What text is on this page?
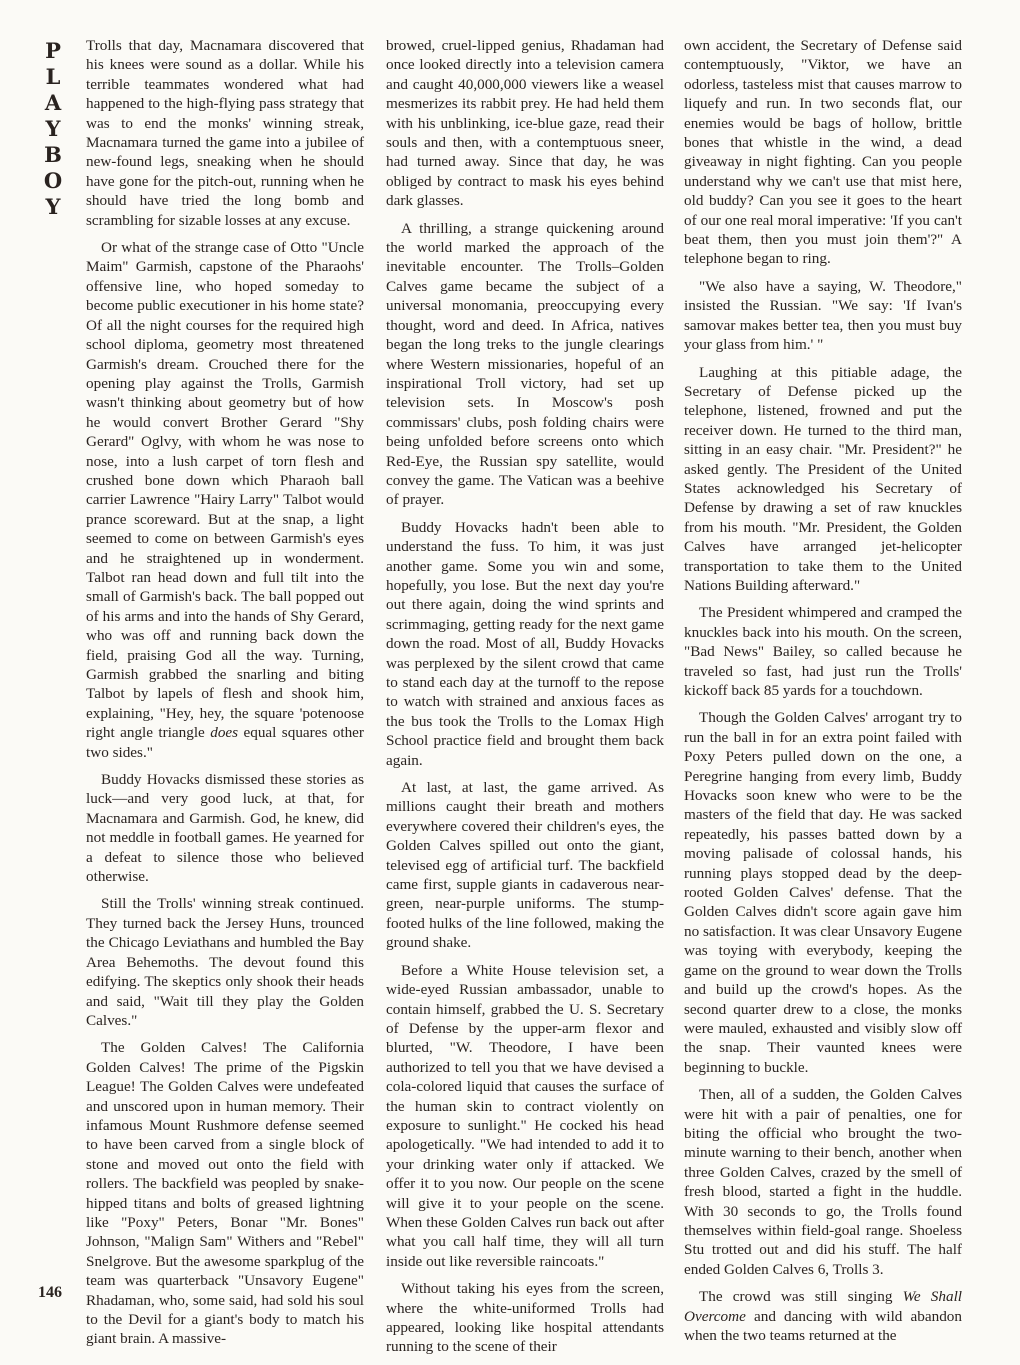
P
L
A
Y
B
O
Y

Trolls that day, Macnamara discovered that his knees were sound as a dollar. While his terrible teammates wondered what had happened to the high-flying pass strategy that was to end the monks' winning streak, Macnamara turned the game into a jubilee of new-found legs, sneaking when he should have gone for the pitch-out, running when he should have tried the long bomb and scrambling for sizable losses at any excuse.

Or what of the strange case of Otto "Uncle Maim" Garmish, capstone of the Pharaohs' offensive line, who hoped someday to become public executioner in his home state? Of all the night courses for the required high school diploma, geometry most threatened Garmish's dream. Crouched there for the opening play against the Trolls, Garmish wasn't thinking about geometry but of how he would convert Brother Gerard "Shy Gerard" Oglvy, with whom he was nose to nose, into a lush carpet of torn flesh and crushed bone down which Pharaoh ball carrier Lawrence "Hairy Larry" Talbot would prance scoreward. But at the snap, a light seemed to come on between Garmish's eyes and he straightened up in wonderment. Talbot ran head down and full tilt into the small of Garmish's back. The ball popped out of his arms and into the hands of Shy Gerard, who was off and running back down the field, praising God all the way. Turning, Garmish grabbed the snarling and biting Talbot by lapels of flesh and shook him, explaining, "Hey, hey, the square 'potenoose right angle triangle does equal squares other two sides."

Buddy Hovacks dismissed these stories as luck—and very good luck, at that, for Macnamara and Garmish. God, he knew, did not meddle in football games. He yearned for a defeat to silence those who believed otherwise.

Still the Trolls' winning streak continued. They turned back the Jersey Huns, trounced the Chicago Leviathans and humbled the Bay Area Behemoths. The devout found this edifying. The skeptics only shook their heads and said, "Wait till they play the Golden Calves."

The Golden Calves! The California Golden Calves! The prime of the Pigskin League! The Golden Calves were undefeated and unscored upon in human memory. Their infamous Mount Rushmore defense seemed to have been carved from a single block of stone and moved out onto the field with rollers. The backfield was peopled by snake-hipped titans and bolts of greased lightning like "Poxy" Peters, Bonar "Mr. Bones" Johnson, "Malign Sam" Withers and "Rebel" Snelgrove. But the awesome sparkplug of the team was quarterback "Unsavory Eugene" Rhadaman, who, some said, had sold his soul to the Devil for a giant's body to match his giant brain. A massive-

browed, cruel-lipped genius, Rhadaman had once looked directly into a television camera and caught 40,000,000 viewers like a weasel mesmerizes its rabbit prey. He had held them with his unblinking, ice-blue gaze, read their souls and then, with a contemptuous sneer, had turned away. Since that day, he was obliged by contract to mask his eyes behind dark glasses.

A thrilling, a strange quickening around the world marked the approach of the inevitable encounter. The Trolls–Golden Calves game became the subject of a universal monomania, preoccupying every thought, word and deed. In Africa, natives began the long treks to the jungle clearings where Western missionaries, hopeful of an inspirational Troll victory, had set up television sets. In Moscow's posh commissars' clubs, posh folding chairs were being unfolded before screens onto which Red-Eye, the Russian spy satellite, would convey the game. The Vatican was a beehive of prayer.

Buddy Hovacks hadn't been able to understand the fuss. To him, it was just another game. Some you win and some, hopefully, you lose. But the next day you're out there again, doing the wind sprints and scrimmaging, getting ready for the next game down the road. Most of all, Buddy Hovacks was perplexed by the silent crowd that came to stand each day at the turnoff to the repose to watch with strained and anxious faces as the bus took the Trolls to the Lomax High School practice field and brought them back again.

At last, at last, the game arrived. As millions caught their breath and mothers everywhere covered their children's eyes, the Golden Calves spilled out onto the giant, televised egg of artificial turf. The backfield came first, supple giants in cadaverous near-green, near-purple uniforms. The stump-footed hulks of the line followed, making the ground shake.

Before a White House television set, a wide-eyed Russian ambassador, unable to contain himself, grabbed the U. S. Secretary of Defense by the upper-arm flexor and blurted, "W. Theodore, I have been authorized to tell you that we have devised a cola-colored liquid that causes the surface of the human skin to contract violently on exposure to sunlight." He cocked his head apologetically. "We had intended to add it to your drinking water only if attacked. We offer it to you now. Our people on the scene will give it to your people on the scene. When these Golden Calves run back out after what you call half time, they will all turn inside out like reversible raincoats."

Without taking his eyes from the screen, where the white-uniformed Trolls had appeared, looking like hospital attendants running to the scene of their

own accident, the Secretary of Defense said contemptuously, "Viktor, we have an odorless, tasteless mist that causes marrow to liquefy and run. In two seconds flat, our enemies would be bags of hollow, brittle bones that whistle in the wind, a dead giveaway in night fighting. Can you people understand why we can't use that mist here, old buddy? Can you see it goes to the heart of our one real moral imperative: 'If you can't beat them, then you must join them'?" A telephone began to ring.

"We also have a saying, W. Theodore," insisted the Russian. "We say: 'If Ivan's samovar makes better tea, then you must buy your glass from him.' "

Laughing at this pitiable adage, the Secretary of Defense picked up the telephone, listened, frowned and put the receiver down. He turned to the third man, sitting in an easy chair. "Mr. President?" he asked gently. The President of the United States acknowledged his Secretary of Defense by drawing a set of raw knuckles from his mouth. "Mr. President, the Golden Calves have arranged jet-helicopter transportation to take them to the United Nations Building afterward."

The President whimpered and cramped the knuckles back into his mouth. On the screen, "Bad News" Bailey, so called because he traveled so fast, had just run the Trolls' kickoff back 85 yards for a touchdown.

Though the Golden Calves' arrogant try to run the ball in for an extra point failed with Poxy Peters pulled down on the one, a Peregrine hanging from every limb, Buddy Hovacks soon knew who were to be the masters of the field that day. He was sacked repeatedly, his passes batted down by a moving palisade of colossal hands, his running plays stopped dead by the deep-rooted Golden Calves' defense. That the Golden Calves didn't score again gave him no satisfaction. It was clear Unsavory Eugene was toying with everybody, keeping the game on the ground to wear down the Trolls and build up the crowd's hopes. As the second quarter drew to a close, the monks were mauled, exhausted and visibly slow off the snap. Their vaunted knees were beginning to buckle.

Then, all of a sudden, the Golden Calves were hit with a pair of penalties, one for biting the official who brought the two-minute warning to their bench, another when three Golden Calves, crazed by the smell of fresh blood, started a fight in the huddle. With 30 seconds to go, the Trolls found themselves within field-goal range. Shoeless Stu trotted out and did his stuff. The half ended Golden Calves 6, Trolls 3.

The crowd was still singing We Shall Overcome and dancing with wild abandon when the two teams returned at the

146
